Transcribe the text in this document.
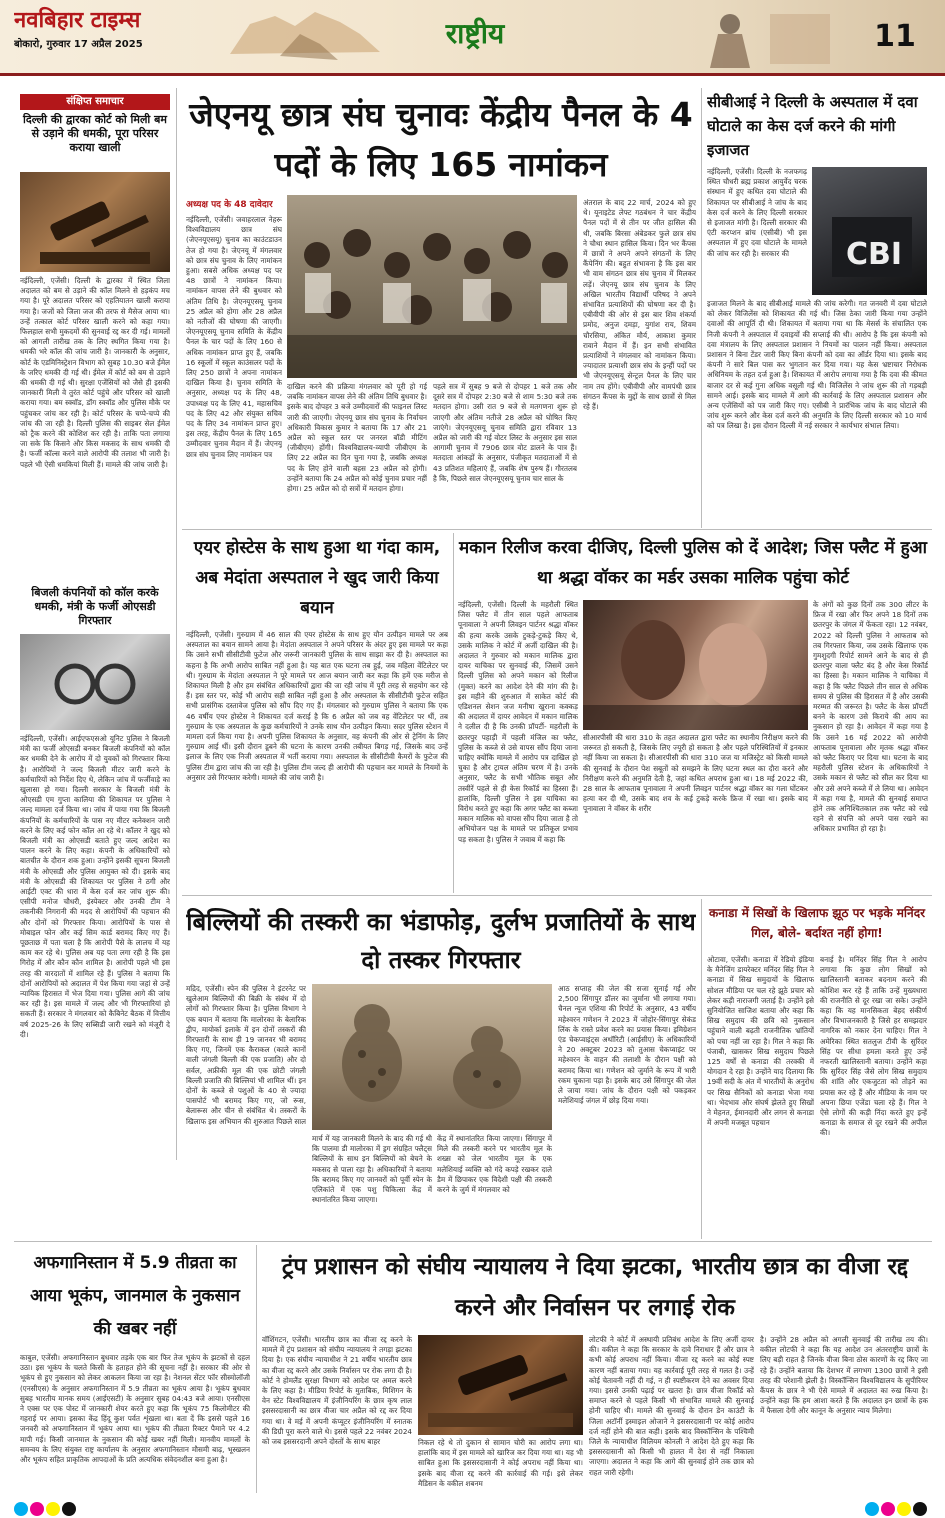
नवबिहार टाइम्स
बोकारो, गुरुवार 17 अप्रैल 2025	राष्ट्रीय	11
संक्षिप्त समाचार
दिल्ली की द्वारका कोर्ट को मिली बम से उड़ाने की धमकी, पूरा परिसर कराया खाली
नईदिल्ली, एजेंसी। दिल्ली के द्वारका में स्थित जिला अदालत को बम से उड़ाने की कॉल मिलने से हड़कंप मच गया है। पूरे अदालत परिसर को एहतियातन खाली कराया गया है। जजों को जिला जज की तरफ से मैसेज आया था। उन्हें तत्काल कोर्ट परिसर खाली करने को कहा गया। फिलहाल सभी मुकदमों की सुनवाई रद्द कर दी गई। मामलों को आगली तारीख तक के लिए स्थगित किया गया है। धमकी भरे कॉल की जांच जारी है। जानकारी के अनुसार, कोर्ट के एडमिनिस्ट्रेशन विभाग को सुबह 10.30 बजे ईमेल के जरिए धमकी दी गई थी। ईमेल में कोर्ट को बम से उड़ाने की धमकी दी गई थी। सुरक्षा एजेंसियों को जैसे ही इसकी जानकारी मिली वे तुरंत कोर्ट पहुंचे और परिसर को खाली कराया गया। बम स्क्वॉड, डॉग स्क्वॉड और पुलिस मौके पर पहुंचकर जांच कर रही है। कोर्ट परिसर के चप्पे-चप्पे की जांच की जा रही है। दिल्ली पुलिस की साइबर सेल ईमेल को ट्रैक करने की कोशिश कर रही है। ताकि पता लगाया जा सके कि किसने और किस मकसद के साथ धमकी दी है। फर्जी कॉल्स करने वाले आरोपी की तलाश भी जारी है। पहले भी ऐसी धमकियां मिली हैं। मामले की जांच जारी है।
बिजली कंपनियों को कॉल करके धमकी, मंत्री के फर्जी ओएसडी गिरफ्तार
नईदिल्ली, एजेंसी। आईएफएसओ यूनिट पुलिस ने बिजली मंत्री का फर्जी ओएसडी बनकर बिजली कंपनियों को कॉल कर धमकी देने के आरोप में दो युवकों को गिरफ्तार किया है। आरोपियों ने जल्द बिजली मीटर जारी करने के कर्मचारियों को निर्देश दिए थे, लेकिन जांच में फर्जीवाड़े का खुलासा हो गया। दिल्ली सरकार के बिजली मंत्री के ओएसडी एम गुप्ता कालिया की शिकायत पर पुलिस ने जल्द मामला दर्ज किया था। जांच में पाया गया कि बिजली कंपनियों के कर्मचारियों के पास नए मीटर कनेक्शन जारी करने के लिए कई फोन कॉल आ रहे थे। कॉलर ने खुद को बिजली मंत्री का ओएसडी बताते हुए जल्द आदेश का पालन करने के लिए कहा। कंपनी के अधिकारियों को बातचीत के दौरान शक हुआ। उन्होंने इसकी सूचना बिजली मंत्री के ओएसडी और पुलिस आयुक्त को दी। इसके बाद मंत्री के ओएसडी की शिकायत पर पुलिस ने ठगी और आईटी एक्ट की धारा में केस दर्ज कर जांच शुरू की। एसीपी मनोज चौधरी, इंस्पेक्टर और उनकी टीम ने तकनीकी निगरानी की मदद से आरोपियों की पहचान की और दोनों को गिरफ्तार किया। आरोपियों के पास से मोबाइल फोन और कई सिम कार्ड बरामद किए गए हैं। पूछताछ में पता चला है कि आरोपी पैसे के लालच में यह काम कर रहे थे। पुलिस अब यह पता लगा रही है कि इस गिरोह में और कौन कौन शामिल है। आरोपी पहले भी इस तरह की वारदातों में शामिल रहे हैं। पुलिस ने बताया कि दोनों आरोपियों को अदालत में पेश किया गया जहां से उन्हें न्यायिक हिरासत में भेज दिया गया। पुलिस आगे की जांच कर रही है। इस मामले में जल्द और भी गिरफ्तारियां हो सकती हैं। सरकार ने मंगलवार को कैबिनेट बैठक में वित्तीय वर्ष 2025-26 के लिए सब्सिडी जारी रखने को मंजूरी दे दी।
जेएनयू छात्र संघ चुनावः केंद्रीय पैनल के 4 पदों के लिए 165 नामांकन
अध्यक्ष पद के 48 दावेदार
नईदिल्ली, एजेंसी। जवाहरलाल नेहरू विश्वविद्यालय छात्र संघ (जेएनयूएसयू) चुनाव का काउंटडाउन तेज हो गया है। जेएनयू में मंगलवार को छात्र संघ चुनाव के लिए नामांकन हुआ। सबसे अधिक अध्यक्ष पद पर 48 छात्रों ने नामांकन किया। नामांकन वापस लेने की बुधवार को अंतिम तिथि है। जेएनयूएसयू चुनाव 25 अप्रैल को होगा और 28 अप्रैल को नतीजों की घोषणा की जाएगी। जेएनयूएसयू चुनाव समिति के केंद्रीय पैनल के चार पदों के लिए 160 से अधिक नामांकन प्राप्त हुए हैं, जबकि 16 स्कूलों में स्कूल काउंसलर पदों के लिए 250 छात्रों ने अपना नामांकन दाखिल किया है। चुनाव समिति के अनुसार, अध्यक्ष पद के लिए 48, उपाध्यक्ष पद के लिए 41, महासचिव पद के लिए 42 और संयुक्त सचिव पद के लिए 34 नामांकन प्राप्त हुए। इस तरह, केंद्रीय पैनल के लिए 165 उम्मीदवार चुनाव मैदान में हैं। जेएनयू छात्र संघ चुनाव लिए नामांकन पत्र
दाखिल करने की प्रक्रिया मंगलवार को पूरी हो गई जबकि नामांकन वापस लेने की अंतिम तिथि बुधवार है। इसके बाद दोपहर 3 बजे उम्मीदवारों की फाइनल लिस्ट जारी की जाएगी। जेएनयू छात्र संघ चुनाव के निर्वाचन अधिकारी विकास कुमार ने बताया कि 17 और 21 अप्रैल को स्कूल स्तर पर जनरल बॉडी मीटिंग (जीबीएम) होंगी। विश्वविद्यालय-व्यापी जीबीएम के लिए 22 अप्रैल का दिन चुना गया है, जबकि अध्यक्ष पद के लिए होने वाली बहस 23 अप्रैल को होगी। उन्होंने बताया कि 24 अप्रैल को कोई चुनाव प्रचार नहीं होगा। 25 अप्रैल को दो सत्रों में मतदान होगा।
पहले सत्र में सुबह 9 बजे से दोपहर 1 बजे तक और दूसरे सत्र में दोपहर 2:30 बजे से शाम 5:30 बजे तक मतदान होगा। उसी रात 9 बजे से मतगणना शुरू हो जाएगी और अंतिम नतीजे 28 अप्रैल को घोषित किए जाएंगे। जेएनयूएसयू चुनाव समिति द्वारा रविवार 13 अप्रैल को जारी की गई वोटर लिस्ट के अनुसार इस साल आगामी चुनाव में 7906 छात्र वोट डालने के पात्र हैं। मतदाता आंकड़ों के अनुसार, पंजीकृत मतदाताओं में से 43 प्रतिशत महिलाएं हैं, जबकि शेष पुरुष हैं। गौरतलब है कि, पिछले साल जेएनयूएसयू चुनाव चार साल के
अंतराल के बाद 22 मार्च, 2024 को हुए थे। यूनाइटेड लेफ्ट गठबंधन ने चार केंद्रीय पैनल पदों में से तीन पर जीत हासिल की थी, जबकि बिरसा अंबेडकर फुले छात्र संघ ने चौथा स्थान हासिल किया। दिन भर कैंपस में छात्रों ने अपने अपने संगठनों के लिए कैंपेनिंग की। बहुत संभावना है कि इस बार भी वाम संगठन छात्र संघ चुनाव में मिलकर लड़ें। जेएनयू छात्र संघ चुनाव के लिए अखिल भारतीय विद्यार्थी परिषद ने अपने संभावित प्रत्याशियों की घोषणा कर दी है। एबीवीपी की ओर से इस बार शिव शंकर्या प्रमोद, अनुज दमड़ा, युगांश राय, शिवम चौरसिया, अंकित मौर्य, आकाश कुमार रावाने मैदान में हैं। इन सभी संभावित प्रत्याशियों ने मंगलवार को नामांकन किया। ज्यादातर प्रत्याशी छात्र संघ के इन्हीं पदों पर भी जेएनयूएसयू सेन्ट्रल पैनल के लिए चार नाम तय होंगे। एबीवीपी और वामपंथी छात्र संगठन कैंपस के मुद्दों के साथ छात्रों से मिल रहे हैं।
सीबीआई ने दिल्ली के अस्पताल में दवा घोटाले का केस दर्ज करने की मांगी इजाजत
नईदिल्ली, एजेंसी। दिल्ली के नजफगढ़ स्थित चौधरी ब्रह्म प्रकाश आयुर्वेद चरक संस्थान में हुए कथित दवा घोटाले की शिकायत पर सीबीआई ने जांच के बाद केस दर्ज करने के लिए दिल्ली सरकार से इजाजत मांगी है। दिल्ली सरकार की एंटी करप्शन ब्रांच (एसीबी) भी इस अस्पताल में हुए दवा घोटाले के मामले की जांच कर रही है। सरकार की	CBI
इजाजत मिलने के बाद सीबीआई मामले की जांच करेगी। गत जनवरी में दवा घोटाले को लेकर विजिलेंस को शिकायत की गई थी। जिस ठेका जारी किया गया उन्होंने दवाओं की आपूर्ति दी थी। शिकायत में बताया गया था कि मेसर्स के संचालित एक निजी कंपनी ने अस्पताल में दवाइयों की सप्लाई की थी। आरोप है कि इस कंपनी को दवा मंत्रालय के लिए अस्पताल प्रशासन ने नियमों का पालन नहीं किया। अस्पताल प्रशासन ने बिना टेंडर जारी किए बिना कंपनी को दवा का ऑर्डर दिया था। इसके बाद कंपनी ने सारे बिल पास कर भुगतान कर दिया गया। यह केस भ्रष्टाचार निरोधक अधिनियम के तहत दर्ज हुआ है। शिकायत में आरोप लगाया गया है कि दवा की कीमत बाजार दर से कई गुना अधिक वसूली गई थी। विजिलेंस ने जांच शुरू की तो गड़बड़ी सामने आई। इसके बाद मामले में आगे की कार्रवाई के लिए अस्पताल प्रशासन और अन्य एजेंसियों को पत्र जारी किए गए। एसीबी ने प्रारंभिक जांच के बाद घोटाले की जांच शुरू करने और केस दर्ज करने की अनुमति के लिए दिल्ली सरकार को 10 मार्च को पत्र लिखा है। इस दौरान दिल्ली में नई सरकार ने कार्यभार संभाल लिया।
एयर होस्टेस के साथ हुआ था गंदा काम, अब मेदांता अस्पताल ने खुद जारी किया बयान
नईदिल्ली, एजेंसी। गुरुग्राम में 46 साल की एयर होस्टेस के साथ हुए यौन उत्पीड़न मामले पर अब अस्पताल का बयान सामने आया है। मेदांता अस्पताल ने अपने परिसर के अंदर हुए इस मामले पर कहा कि उसने सभी सीसीटीवी फुटेज और जरूरी जानकारी पुलिस के साथ साझा कर दी है। अस्पताल का कहना है कि अभी आरोप साबित नहीं हुआ है। यह बात एक घटना तब हुई, जब महिला वेंटिलेटर पर थी। गुरुग्राम के मेदांता अस्पताल ने पूरे मामले पर आज बयान जारी कर कहा कि हमें एक मरीज से शिकायत मिली है और हम संबंधित अधिकारियों द्वारा की जा रही जांच में पूरी तरह से सहयोग कर रहे हैं। इस स्तर पर, कोई भी आरोप सही साबित नहीं हुआ है और अस्पताल के सीसीटीवी फुटेज सहित सभी प्रासंगिक दस्तावेज पुलिस को सौंप दिए गए हैं। मंगलवार को गुरुग्राम पुलिस ने बताया कि एक 46 वर्षीय एयर होस्टेस ने शिकायत दर्ज कराई है कि 6 अप्रैल को जब वह वेंटिलेटर पर थीं, तब गुरुग्राम के एक अस्पताल के कुछ कर्मचारियों ने उनके साथ यौन उत्पीड़न किया। सदर पुलिस स्टेशन में मामला दर्ज किया गया है। अपनी पुलिस शिकायत के अनुसार, वह कंपनी की ओर से ट्रेनिंग के लिए गुरुग्राम आई थीं। इसी दौरान डूबने की घटना के कारण उनकी तबीयत बिगड़ गई, जिसके बाद उन्हें इलाज के लिए एक निजी अस्पताल में भर्ती कराया गया। अस्पताल के सीसीटीवी कैमरों के फुटेज की पुलिस टीम द्वारा जांच की जा रही है। पुलिस टीम जल्द ही आरोपी की पहचान कर मामले के नियमों के अनुसार उसे गिरफ्तार करेगी। मामले की जांच जारी है।
मकान रिलीज करवा दीजिए, दिल्ली पुलिस को दें आदेश; जिस फ्लैट में हुआ था श्रद्धा वॉकर का मर्डर उसका मालिक पहुंचा कोर्ट
नईदिल्ली, एजेंसी। दिल्ली के महरौली स्थित जिस फ्लैट में तीन साल पहले आफताब पूनावाला ने अपनी लिवइन पार्टनर श्रद्धा वॉकर की हत्या करके उसके टुकड़े-टुकड़े किए थे, उसके मालिक ने कोर्ट में अर्जी दाखिल की है। अदालत ने गुरुवार को मकान मालिक द्वारा दायर याचिका पर सुनवाई की, जिसमें उसने दिल्ली पुलिस को अपने मकान को रिलीज (मुक्त) करने का आदेश देने की मांग की है। इस महीने की शुरुआत में साकेत कोर्ट की एडिशनल सेशन जज मनीषा खुराना कक्कड़ की अदालत में दायर आवेदन में मकान मालिक ने दलील दी है कि उनकी प्रॉपर्टी- महरौली के छतरपुर पहाड़ी में पहली मंजिल का फ्लैट, पुलिस के कब्जे से उसे वापस सौंप दिया जाना चाहिए क्योंकि मामले में आरोप पत्र दाखिल हो चुका है और ट्रायल अंतिम चरण में है। उनके अनुसार, फ्लैट के सभी भौतिक सबूत और तस्वीरें पहले से ही केस रिकॉर्ड का हिस्सा हैं। हालांकि, दिल्ली पुलिस ने इस याचिका का विरोध करते हुए कहा कि अगर फ्लैट का कब्जा मकान मालिक को वापस सौंप दिया जाता है तो अभियोजन पक्ष के मामले पर प्रतिकूल प्रभाव पड़ सकता है। पुलिस ने जवाब में कहा कि
सीआरपीसी की धारा 310 के तहत अदालत द्वारा फ्लैट का स्थानीय निरीक्षण करने की जरूरत हो सकती है, जिसके लिए ज्यूरी हो सकता है और पहले परिस्थितियों में इनकार नहीं किया जा सकता है। सीआरपीसी की धारा 310 जज या मजिस्ट्रेट को किसी मामले की सुनवाई के दौरान पेश सबूतों को समझने के लिए घटना स्थल का दौरा करने और निरीक्षण करने की अनुमति देती है, जहां कथित अपराध हुआ था। 18 मई 2022 की, 28 साल के आफताब पूनावाला ने अपनी लिवइन पार्टनर श्रद्धा वॉकर का गला घोंटकर हत्या कर दी थी, उसके बाद शव के कई टुकड़े करके फ्रिज में रखा था। इसके बाद पूनावाला ने वॉकर के शरीर
के अंगों को कुछ दिनों तक 300 लीटर के फ्रिज में रखा और फिर अपने 18 दिनों तक छतरपुर के जंगल में फेंकता रहा। 12 नवंबर, 2022 को दिल्ली पुलिस ने आफताब को तब गिरफ्तार किया, जब उसके खिलाफ एक गुमशुदगी रिपोर्ट सामने आने के बाद से ही छतरपुर वाला फ्लैट बंद है और केस रिकॉर्ड का हिस्सा है। मकान मालिक ने याचिका में कहा है कि फ्लैट पिछले तीन साल से अधिक समय से पुलिस की हिरासत में है और उसकी मरम्मत की जरूरत है। फ्लैट के केस प्रॉपर्टी बनने के कारण उसे किराये की आय का नुकसान हो रहा है। आवेदन में कहा गया है कि उसने 16 मई 2022 को आरोपी आफताब पूनावाला और मृतक श्रद्धा वॉकर को फ्लैट किराए पर दिया था। घटना के बाद महरौली पुलिस स्टेशन के अधिकारियों ने उसके मकान से फ्लैट को सील कर दिया था और उसे अपने कब्जे में ले लिया था। आवेदन में कहा गया है, मामले की सुनवाई समाप्त होने तक अनिश्चितकाल तक फ्लैट को रखे रहने से संपत्ति को अपने पास रखने का अधिकार प्रभावित हो रहा है।
बिल्लियों की तस्करी का भंडाफोड़, दुर्लभ प्रजातियों के साथ दो तस्कर गिरफ्तार
मद्रिद, एजेंसी। स्पेन की पुलिस ने इंटरनेट पर खुलेआम बिल्लियों की बिक्री के संबंध में दो लोगों को गिरफ्तार किया है। पुलिस विभाग ने एक बयान में बताया कि मालोरका के बेलारिक द्वीप, मायोर्का इलाके में इन दोनों तस्करों की गिरफ्तारी के साथ ही 19 जानवर भी बरामद किए गए, जिनमें एक कैराकल (काले कानों वाली जंगली बिल्ली की एक प्रजाति) और दो सर्वल, अफ्रीकी मूल की एक छोटी जंगली बिल्ली प्रजाति की बिल्लियां भी शामिल थीं। इन दोनों के कब्जे से पशुओं के 40 से ज्यादा पासपोर्ट भी बरामद किए गए, जो रूस, बेलारूस और चीन से संबंधित थे। तस्करों के खिलाफ इस अभियान की शुरुआत पिछले साल
मार्च में यह जानकारी मिलने के बाद की गई थी कि पालमा डी मालोरका में ड्रग संग्रहित फ्लैट्स बिल्लियों के साथ इन बिल्लियों को बेचने के मकसद से पाला रहा है। अधिकारियों ने बताया कि बरामद किए गए जानवरों को पूर्वी स्पेन के एलिकांते में एक पशु चिकित्सा केंद्र में स्थानांतरित किया जाएगा।
केंद्र में स्थानांतरित किया जाएगा। सिंगापुर में मिले की तस्करी करने पर भारतीय मूल के शख्स को जेल भारतीय मूल के एक मलेशियाई व्यक्ति को गंदे कपड़े रखकर दाले डैम में छिपाकर एक विदेशी पक्षी की तस्करी करने के जुर्म में मंगलवार को
आठ सप्ताह की जेल की सजा सुनाई गई और 2,500 सिंगापुर डॉलर का जुर्माना भी लगाया गया। चैनल न्यूज एशिया की रिपोर्ट के अनुसार, 43 वर्षीय महेश्वरन गणेशन ने 2023 में जोहोर-सिंगापुर सेकंड लिंक के रास्ते प्रवेश करने का प्रयास किया। इमिग्रेशन एंड चेकप्वाइंट्स अथॉरिटी (आईसीए) के अधिकारियों ने 20 अक्टूबर 2023 को तुआस चेकप्वाइंट पर महेश्वरन के वाहन की तलाशी के दौरान पक्षी को बरामद किया था। गणेशन को जुर्माने के रूप में भारी रकम चुकाना पड़ा है। इसके बाद उसे सिंगापुर की जेल ले जाया गया। जांच के दौरान पक्षी को पकड़कर मलेशियाई जंगल में छोड़ दिया गया।
कनाडा में सिखों के खिलाफ झूठ पर भड़के मनिंदर गिल, बोले- बर्दाश्त नहीं होगा!
ओटावा, एजेंसी। कनाडा में रेडियो इंडिया के मैनेजिंग डायरेक्टर मनिंदर सिंह गिल ने कनाडा में सिख समुदायों के खिलाफ सोशल मीडिया पर चल रहे झूठे प्रचार को लेकर कड़ी नाराजगी जताई है। उन्होंने इसे सुनियोजित साजिश बताया और कहा कि सिख समुदाय की छवि को नुकसान पहुंचाने वाली बढ़ती राजनीतिक भ्रांतियों को पचा नहीं जा रहा है। गिल ने कहा कि पंजाबी, खासकर सिख समुदाय पिछले 125 वर्षों से कनाडा की तरक्की में योगदान दे रहा है। उन्होंने याद दिलाया कि 19वीं सदी के अंत में भारतीयों के अनुरोध पर सिख सैनिकों को कनाडा भेजा गया था। भेदभाव और संघर्ष झेलते हुए सिखों ने मेहनत, ईमानदारी और लगन से कनाडा में अपनी मजबूत पहचान
बनाई है। मनिंदर सिंह गिल ने आरोप लगाया कि कुछ लोग सिखों को खालिस्तानी बताकर बदनाम करने की कोशिश कर रहे हैं ताकि उन्हें मुख्यधारा की राजनीति से दूर रखा जा सके। उन्होंने कहा कि यह मानसिकता बेहद संकीर्ण और विभाजनकारी है जिसे हर समझदार नागरिक को नकार देना चाहिए। गिल ने अमेरिका स्थित सतलुज टीवी के सुरिंदर सिंह पर सीधा हमला करते हुए उन्हें नफरती खालिस्तानी बताया। उन्होंने कहा कि सुरिंदर सिंह जैसे लोग सिख समुदाय की शांति और एकजुटता को तोड़ने का प्रयास कर रहे हैं और मीडिया के नाम पर अपना छिपा एजेंडा चला रहे हैं। गिल ने ऐसे लोगों की कड़ी निंदा करते हुए इन्हें कनाडा के समाज से दूर रखने की अपील की।
अफगानिस्तान में 5.9 तीव्रता का आया भूकंप, जानमाल के नुकसान की खबर नहीं
काबुल, एजेंसी। अफगानिस्तान बुधवार तड़के एक बार फिर तेज भूकंप के झटकों से दहल उठा। इस भूकंप के चलते किसी के हताहत होने की सूचना नहीं है। सरकार की ओर से भूकंप से हुए नुकसान को लेकर आकलन किया जा रहा है। नेशनल सेंटर फॉर सीस्मोलॉजी (एनसीएस) के अनुसार अफगानिस्तान में 5.9 तीव्रता का भूकंप आया है। भूकंप बुधवार सुबह भारतीय मानक समय (आईएसटी) के अनुसार सुबह 04:43 बजे आया। एनसीएस ने एक्स पर एक पोस्ट में जानकारी शेयर करते हुए कहा कि भूकंप 75 किलोमीटर की गहराई पर आया। इसका केंद्र हिंदू कुश पर्वत शृंखला था। बता दें कि इससे पहले 16 जनवरी को अफगानिस्तान में भूकंप आया था। भूकंप की तीव्रता रिक्टर पैमाने पर 4.2 मापी गई। किसी जानमाल के नुकसान की कोई खबर नहीं मिली। मानवीय मामलों के समन्वय के लिए संयुक्त राष्ट्र कार्यालय के अनुसार अफगानिस्तान मौसमी बाढ़, भूस्खलन और भूकंप सहित प्राकृतिक आपदाओं के प्रति अत्यधिक संवेदनशील बना हुआ है।
ट्रंप प्रशासन को संघीय न्यायालय ने दिया झटका, भारतीय छात्र का वीजा रद्द करने और निर्वासन पर लगाई रोक
वॉशिंगटन, एजेंसी। भारतीय छात्र का वीजा रद्द करने के मामले में ट्रंप प्रशासन को संघीय न्यायालय ने तगड़ा झटका दिया है। एक संघीय न्यायाधीश ने 21 वर्षीय भारतीय छात्र का वीजा रद्द करने और उसके निर्वासन पर रोक लगा दी है। कोर्ट ने होमलैंड सुरक्षा विभाग को आदेश पर अमल करने के लिए कहा है। मीडिया रिपोर्ट के मुताबिक, मिशिगन के वेन स्टेट विश्वविद्यालय में इंजीनियरिंग के छात्र कृष लाल इससरदासानी का छात्र वीजा चार अप्रैल को रद्द कर दिया गया था। वे मई में अपनी कंप्यूटर इंजीनियरिंग में स्नातक की डिग्री पूरा करने वाले थे। इससे पहले 22 नवंबर 2024 को जब इससरदानी अपने दोस्तों के साथ बाहर	निकल रहे थे तो दुकान से सामान चोरी का आरोप लगा था। हालांकि बाद में इस मामले को खारिज कर दिया गया था। यह भी साबित हुआ कि इससरदासानी ने कोई अपराध नहीं किया था। इसके बाद वीजा रद्द करने की कार्रवाई की गई। इसे लेकर मैडिसन के वकील शबनम
लोटफी ने कोर्ट में अस्थायी प्रतिबंध आदेश के लिए अर्जी दायर की। वकील ने कहा कि सरकार के दावे निराधार हैं और छात्र ने कभी कोई अपराध नहीं किया। वीजा रद्द करने का कोई स्पष्ट कारण नहीं बताया गया। यह कार्रवाई पूरी तरह से गलत है। उन्हें कोई चेतावनी नहीं दी गई, न ही स्पष्टीकरण देने का अवसर दिया गया। इससे उनकी पढ़ाई पर खतरा है। छात्र वीजा रिकॉर्ड को समाप्त करने से पहले किसी भी संभावित मामले की सुनवाई होनी चाहिए थी। मामले की सुनवाई के दौरान डेन काउंटी के जिला अटॉर्नी इस्माइल ओजाने ने इससरदासानी पर कोई आरोप दर्ज नहीं होने की बात कही। इसके बाद विस्कॉन्सिन के पश्चिमी जिले के न्यायाधीश विलियम कोनली ने आदेश देते हुए कहा कि इससरदासानी को किसी भी हालत में देश से नहीं निकाला जाएगा। अदालत ने कहा कि आगे की सुनवाई होने तक छात्र को राहत जारी रहेगी।
है। उन्होंने 28 अप्रैल को अगली सुनवाई की तारीख तय की। वकील लोटफी ने कहा कि यह आदेश उन अंतरराष्ट्रीय छात्रों के लिए बड़ी राहत है जिनके वीजा बिना ठोस कारणों के रद्द किए जा रहे हैं। उन्होंने बताया कि देशभर में लगभग 1300 छात्रों ने इसी तरह की परेशानी झेली है। विस्कॉन्सिन विश्वविद्यालय के सुपीरियर कैंपस के छात्र ने भी ऐसे मामले में अदालत का रुख किया है। उन्होंने कहा कि हम आशा करते हैं कि अदालत इन छात्रों के हक में फैसला देगी और कानून के अनुसार न्याय मिलेगा।
